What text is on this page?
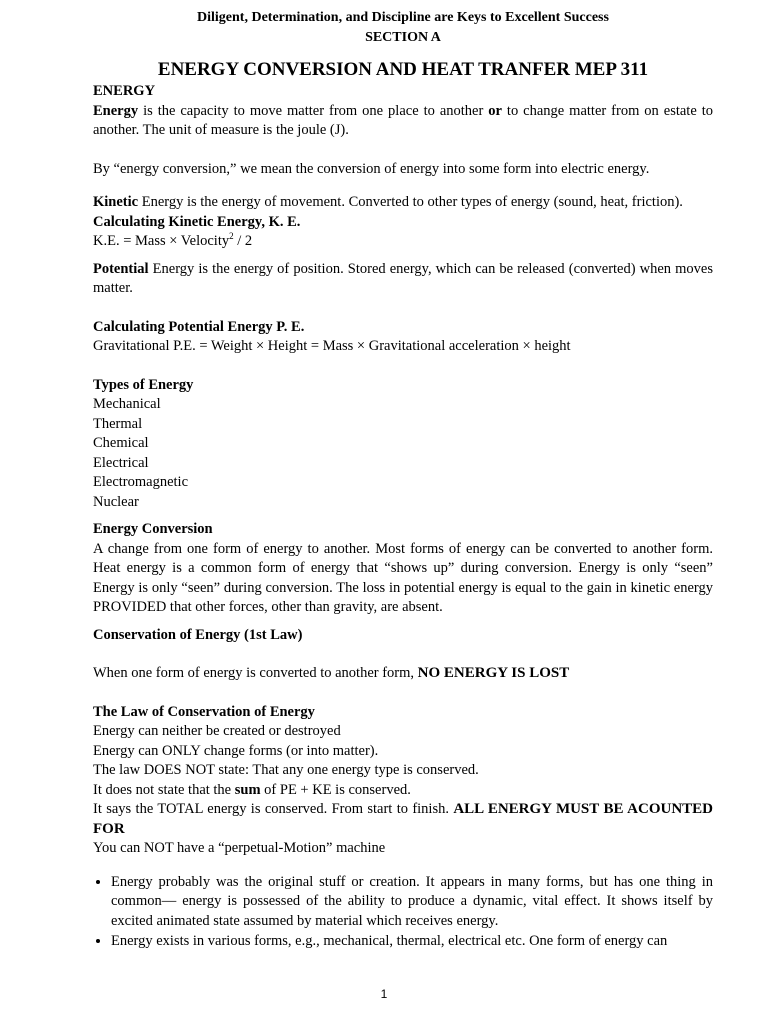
Diligent, Determination, and Discipline are Keys to Excellent Success

SECTION A

ENERGY CONVERSION AND HEAT TRANFER MEP 311

ENERGY

Energy is the capacity to move matter from one place to another or to change matter from on estate to another. The unit of measure is the joule (J).

By “energy conversion,” we mean the conversion of energy into some form into electric energy.

Kinetic Energy is the energy of movement. Converted to other types of energy (sound, heat, friction).

Calculating Kinetic Energy, K. E.

K.E. = Mass × Velocity$^2$ / 2

Potential Energy is the energy of position. Stored energy, which can be released (converted) when moves matter.

Calculating Potential Energy P. E.

Gravitational P.E. = Weight × Height = Mass × Gravitational acceleration × height

Types of Energy

Mechanical

Thermal

Chemical

Electrical

Electromagnetic

Nuclear

Energy Conversion

A change from one form of energy to another. Most forms of energy can be converted to another form. Heat energy is a common form of energy that “shows up” during conversion. Energy is only “seen” Energy is only “seen” during conversion. The loss in potential energy is equal to the gain in kinetic energy PROVIDED that other forces, other than gravity, are absent.

Conservation of Energy (1st Law)

When one form of energy is converted to another form, NO ENERGY IS LOST

The Law of Conservation of Energy

Energy can neither be created or destroyed

Energy can ONLY change forms (or into matter).

The law DOES NOT state: That any one energy type is conserved.

It does not state that the sum of PE + KE is conserved.

It says the TOTAL energy is conserved. From start to finish. ALL ENERGY MUST BE ACOUNTED FOR

You can NOT have a “perpetual-Motion” machine

• Energy probably was the original stuff or creation. It appears in many forms, but has one thing in common— energy is possessed of the ability to produce a dynamic, vital effect. It shows itself by excited animated state assumed by material which receives energy.
• Energy exists in various forms, e.g., mechanical, thermal, electrical etc. One form of energy can
1
